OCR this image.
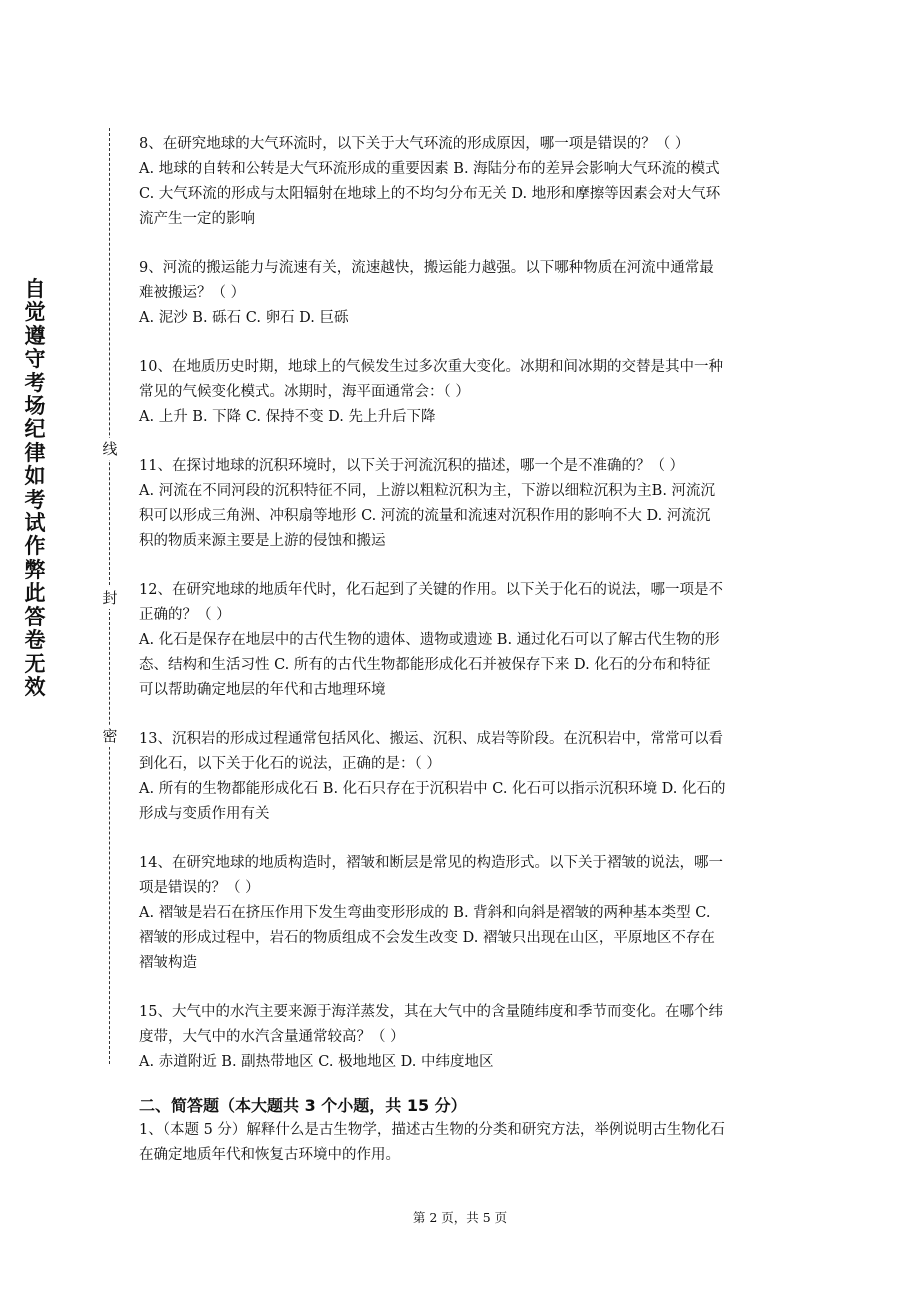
自觉遵守考场纪律如考试作弊此答卷无效
线
封
密

8、在研究地球的大气环流时，以下关于大气环流的形成原因，哪一项是错误的？（ ）

A. 地球的自转和公转是大气环流形成的重要因素 B. 海陆分布的差异会影响大气环流的模式

C. 大气环流的形成与太阳辐射在地球上的不均匀分布无关 D. 地形和摩擦等因素会对大气环

流产生一定的影响

9、河流的搬运能力与流速有关，流速越快，搬运能力越强。以下哪种物质在河流中通常最

难被搬运？（ ）

A. 泥沙 B. 砾石 C. 卵石 D. 巨砾

10、在地质历史时期，地球上的气候发生过多次重大变化。冰期和间冰期的交替是其中一种

常见的气候变化模式。冰期时，海平面通常会：（ ）

A. 上升 B. 下降 C. 保持不变 D. 先上升后下降

11、在探讨地球的沉积环境时，以下关于河流沉积的描述，哪一个是不准确的？（ ）

A. 河流在不同河段的沉积特征不同，上游以粗粒沉积为主，下游以细粒沉积为主B. 河流沉

积可以形成三角洲、冲积扇等地形 C. 河流的流量和流速对沉积作用的影响不大 D. 河流沉

积的物质来源主要是上游的侵蚀和搬运

12、在研究地球的地质年代时，化石起到了关键的作用。以下关于化石的说法，哪一项是不

正确的？（ ）

A. 化石是保存在地层中的古代生物的遗体、遗物或遗迹 B. 通过化石可以了解古代生物的形

态、结构和生活习性 C. 所有的古代生物都能形成化石并被保存下来 D. 化石的分布和特征

可以帮助确定地层的年代和古地理环境

13、沉积岩的形成过程通常包括风化、搬运、沉积、成岩等阶段。在沉积岩中，常常可以看

到化石，以下关于化石的说法，正确的是：（ ）

A. 所有的生物都能形成化石 B. 化石只存在于沉积岩中 C. 化石可以指示沉积环境 D. 化石的

形成与变质作用有关

14、在研究地球的地质构造时，褶皱和断层是常见的构造形式。以下关于褶皱的说法，哪一

项是错误的？（ ）

A. 褶皱是岩石在挤压作用下发生弯曲变形形成的 B. 背斜和向斜是褶皱的两种基本类型 C.

褶皱的形成过程中，岩石的物质组成不会发生改变 D. 褶皱只出现在山区，平原地区不存在

褶皱构造

15、大气中的水汽主要来源于海洋蒸发，其在大气中的含量随纬度和季节而变化。在哪个纬

度带，大气中的水汽含量通常较高？（ ）

A. 赤道附近 B. 副热带地区 C. 极地地区 D. 中纬度地区

二、简答题（本大题共 3 个小题，共 15 分）

1、（本题 5 分）解释什么是古生物学，描述古生物的分类和研究方法，举例说明古生物化石

在确定地质年代和恢复古环境中的作用。

第 2 页，共 5 页
